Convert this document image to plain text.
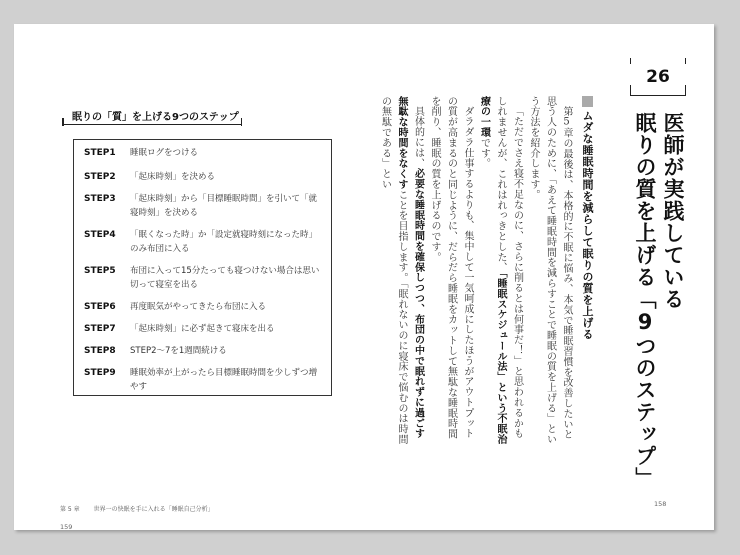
眠りの「質」を上げる9つのステップ
STEP1	睡眠ログをつける
STEP2	「起床時刻」を決める
STEP3	「起床時刻」から「目標睡眠時間」を引いて「就寝時刻」を決める
STEP4	「眠くなった時」か「設定就寝時刻になった時」のみ布団に入る
STEP5	布団に入って15分たっても寝つけない場合は思い切って寝室を出る
STEP6	再度眠気がやってきたら布団に入る
STEP7	「起床時刻」に必ず起きて寝床を出る
STEP8	STEP2〜7を1週間続ける
STEP9	睡眠効率が上がったら目標睡眠時間を少しずつ増やす
第 5 章 世界一の快眠を手に入れる「睡眠自己分析」
159
26
医師が実践している
眠りの質を上げる「9つのステップ」
ムダな睡眠時間を減らして眠りの質を上げる

第5章の最後は、本格的に不眠に悩み、本気で睡眠習慣を改善したいと思う人のために、「あえて睡眠時間を減らすことで睡眠の質を上げる」という方法を紹介します。

「ただでさえ寝不足なのに、さらに削るとは何事だ！」と思われるかもしれませんが、これはれっきとした、「睡眠スケジュール法」という不眠治療の一環です。

ダラダラ仕事するよりも、集中して一気呵成にしたほうがアウトプットの質が高まるのと同じように、だらだら睡眠をカットして無駄な睡眠時間を削り、睡眠の質を上げるのです。

具体的には、必要な睡眠時間を確保しつつ、布団の中で眠れずに過ごす無駄な時間をなくすことを目指します。「眠れないのに寝床で悩むのは時間の無駄である」とい

158
